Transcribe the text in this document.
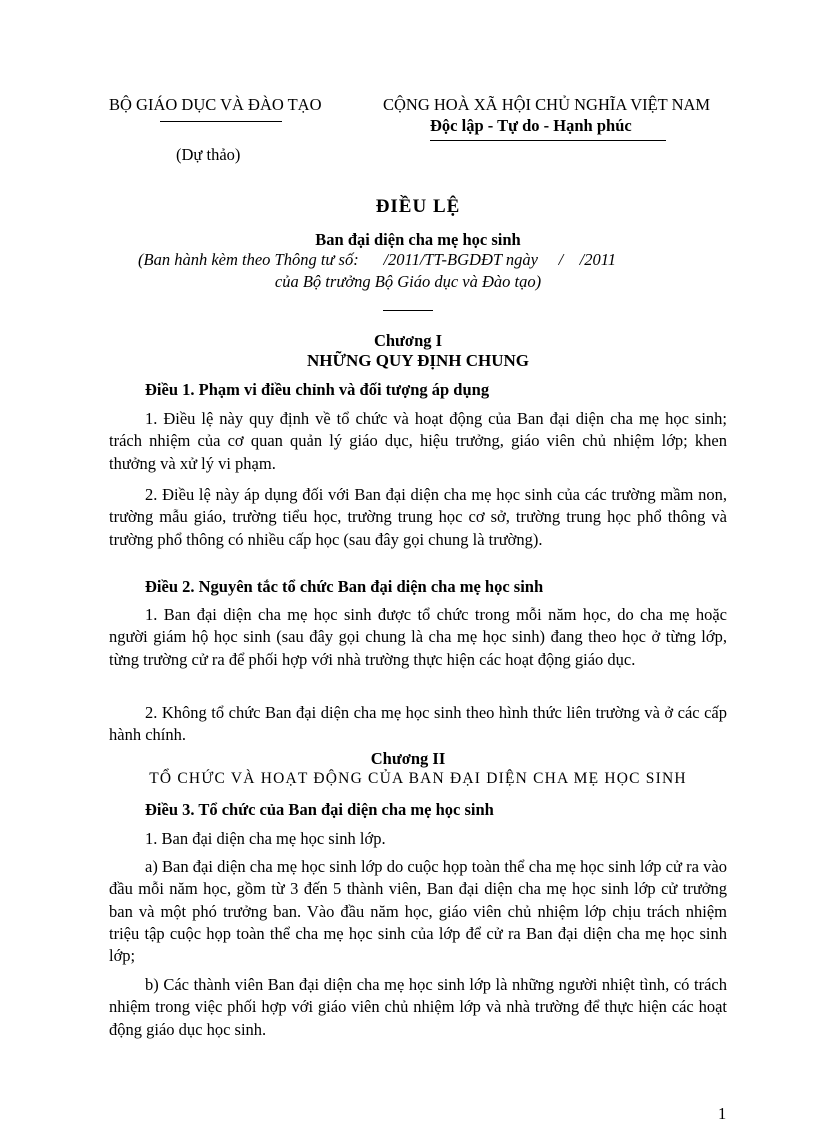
BỘ GIÁO DỤC VÀ ĐÀO TẠO
(Dự thảo)
CỘNG HOÀ XÃ HỘI CHỦ NGHĨA VIỆT NAM
Độc lập - Tự do - Hạnh phúc
ĐIỀU LỆ
Ban đại diện cha mẹ học sinh
(Ban hành kèm theo Thông tư số:      /2011/TT-BGDĐT ngày     /    /2011
của Bộ trưởng Bộ Giáo dục và Đào tạo)
Chương I
NHỮNG QUY ĐỊNH CHUNG
Điều 1. Phạm vi điều chỉnh và đối tượng áp dụng
1. Điều lệ này quy định về tổ chức và hoạt động của Ban đại diện cha mẹ học sinh; trách nhiệm của cơ quan quản lý giáo dục, hiệu trưởng, giáo viên chủ nhiệm lớp; khen thưởng và xử lý vi phạm.
2. Điều lệ này áp dụng đối với Ban đại diện cha mẹ học sinh của các trường mầm non, trường mẫu giáo, trường tiểu học, trường trung học cơ sở, trường trung học phổ thông và trường phổ thông có nhiều cấp học (sau đây gọi chung là trường).
Điều 2. Nguyên tắc tổ chức Ban đại diện cha mẹ học sinh
1. Ban đại diện cha mẹ học sinh được tổ chức trong mỗi năm học, do cha mẹ hoặc người giám hộ học sinh (sau đây gọi chung là cha mẹ học sinh) đang theo học ở từng lớp, từng trường cử ra để phối hợp với nhà trường thực hiện các hoạt động giáo dục.
2. Không tổ chức Ban đại diện cha mẹ học sinh theo hình thức liên trường và ở các cấp hành chính.
Chương II
TỔ CHỨC VÀ HOẠT ĐỘNG CỦA BAN ĐẠI DIỆN CHA MẸ HỌC SINH
Điều 3. Tổ chức của Ban đại diện cha mẹ học sinh
1. Ban đại diện cha mẹ học sinh lớp.
a) Ban đại diện cha mẹ học sinh lớp do cuộc họp toàn thể cha mẹ học sinh lớp cử ra vào đầu mỗi năm học, gồm từ 3 đến 5 thành viên, Ban đại diện cha mẹ học sinh lớp cử trưởng ban và một phó trưởng ban. Vào đầu năm học, giáo viên chủ nhiệm lớp chịu trách nhiệm triệu tập cuộc họp toàn thể cha mẹ học sinh của lớp để cử ra Ban đại diện cha mẹ học sinh lớp;
b) Các thành viên Ban đại diện cha mẹ học sinh lớp là những người nhiệt tình, có trách nhiệm trong việc phối hợp với giáo viên chủ nhiệm lớp và nhà trường để thực hiện các hoạt động giáo dục học sinh.
1
